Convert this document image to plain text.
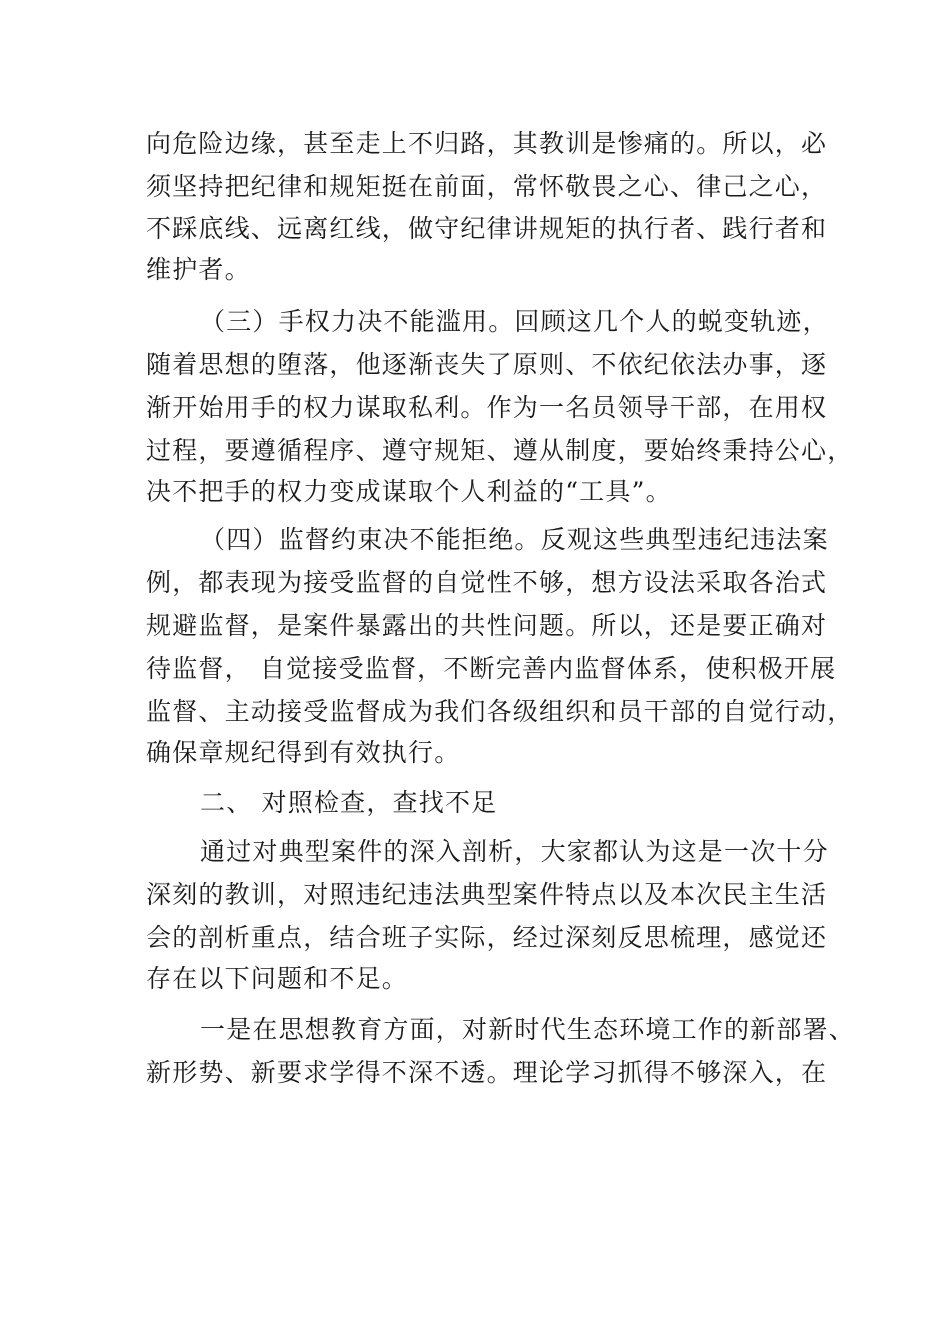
向危险边缘，甚至走上不归路，其教训是惨痛的。所以，必
须坚持把纪律和规矩挺在前面，常怀敬畏之心、律己之心，
不踩底线、远离红线，做守纪律讲规矩的执行者、践行者和
维护者。
（三）手权力决不能滥用。回顾这几个人的蜕变轨迹，
随着思想的堕落，他逐渐丧失了原则、不依纪依法办事，逐
渐开始用手的权力谋取私利。作为一名员领导干部，在用权
过程，要遵循程序、遵守规矩、遵从制度，要始终秉持公心，
决不把手的权力变成谋取个人利益的“工具”。
（四）监督约束决不能拒绝。反观这些典型违纪违法案
例，都表现为接受监督的自觉性不够，想方设法采取各治式
规避监督，是案件暴露出的共性问题。所以，还是要正确对
待监督， 自觉接受监督，不断完善内监督体系，使积极开展
监督、主动接受监督成为我们各级组织和员干部的自觉行动，
确保章规纪得到有效执行。
二、 对照检查，查找不足
通过对典型案件的深入剖析，大家都认为这是一次十分
深刻的教训，对照违纪违法典型案件特点以及本次民主生活
会的剖析重点，结合班子实际，经过深刻反思梳理，感觉还
存在以下问题和不足。
一是在思想教育方面，对新时代生态环境工作的新部署、
新形势、新要求学得不深不透。理论学习抓得不够深入，在
